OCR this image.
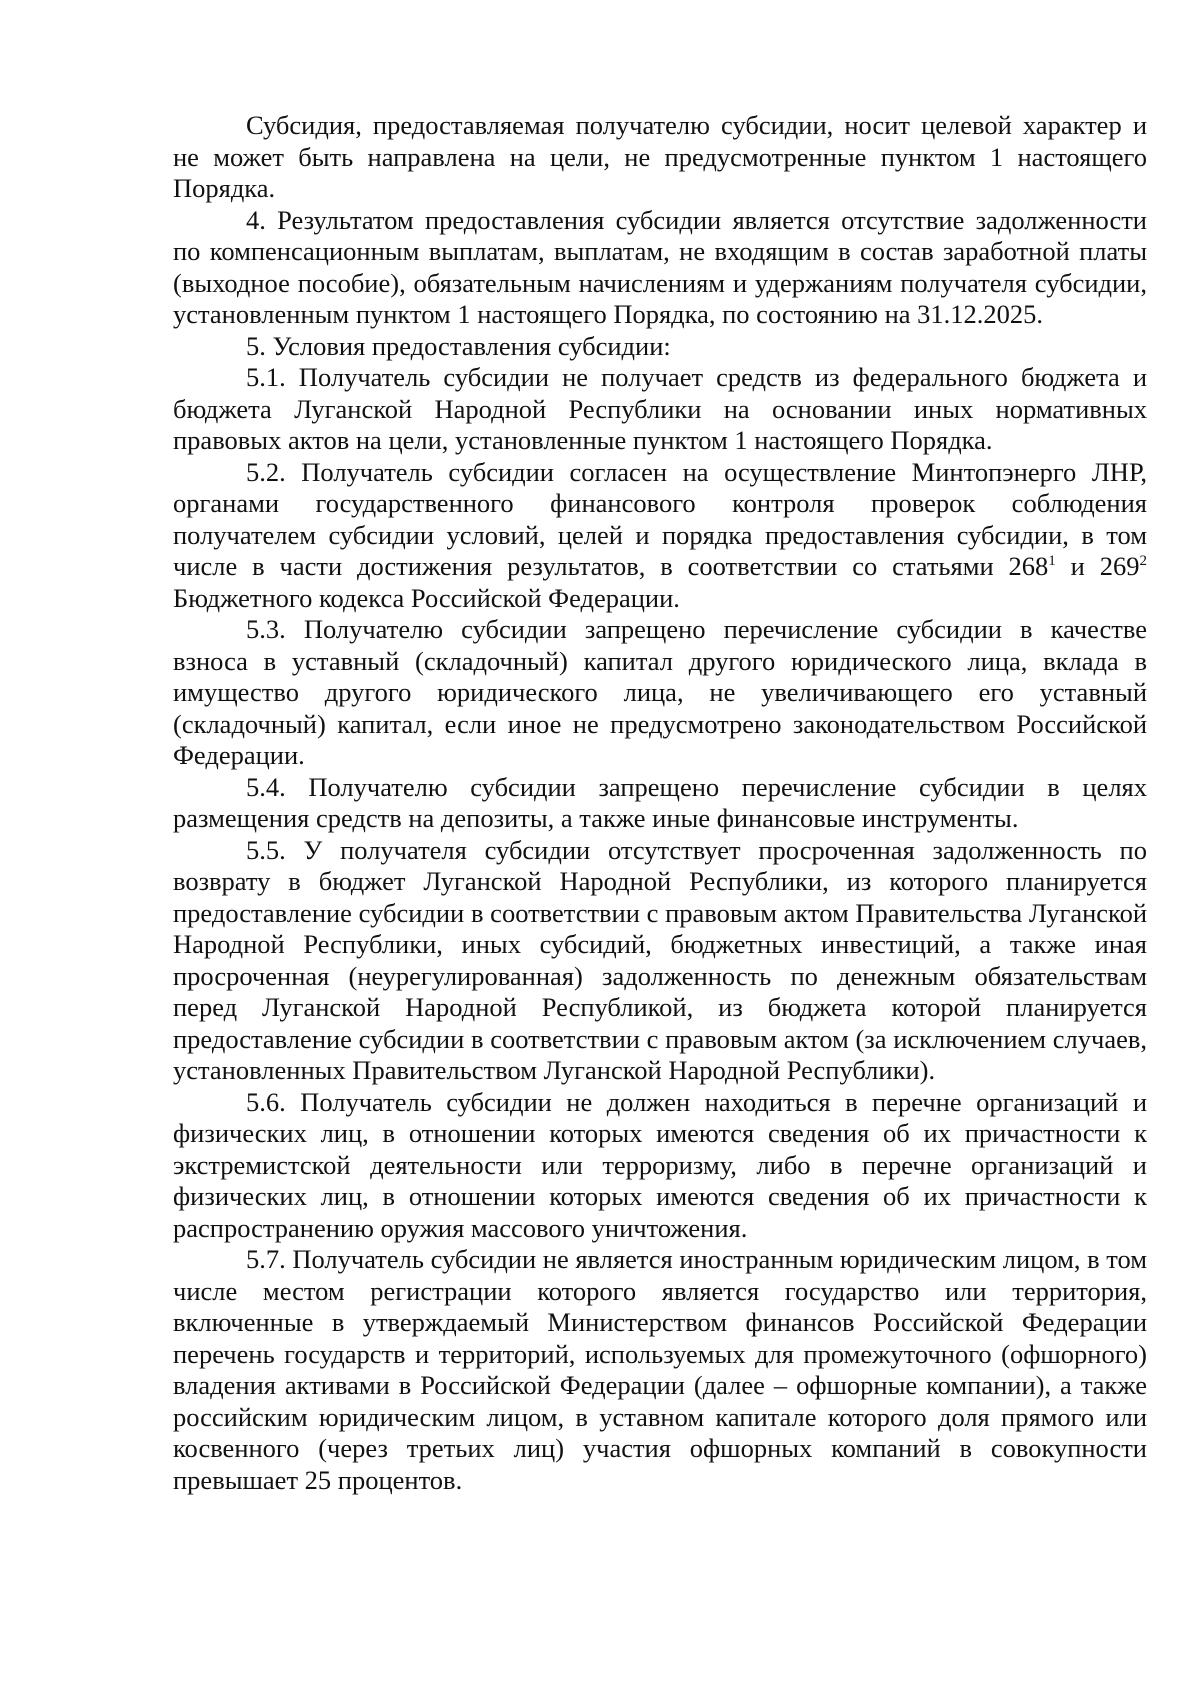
Субсидия, предоставляемая получателю субсидии, носит целевой характер и не может быть направлена на цели, не предусмотренные пунктом 1 настоящего Порядка.

4. Результатом предоставления субсидии является отсутствие задолженности по компенсационным выплатам, выплатам, не входящим в состав заработной платы (выходное пособие), обязательным начислениям и удержаниям получателя субсидии, установленным пунктом 1 настоящего Порядка, по состоянию на 31.12.2025.

5. Условия предоставления субсидии:

5.1. Получатель субсидии не получает средств из федерального бюджета и бюджета Луганской Народной Республики на основании иных нормативных правовых актов на цели, установленные пунктом 1 настоящего Порядка.

5.2. Получатель субсидии согласен на осуществление Минтопэнерго ЛНР, органами государственного финансового контроля проверок соблюдения получателем субсидии условий, целей и порядка предоставления субсидии, в том числе в части достижения результатов, в соответствии со статьями $268^1$ и $269^2$ Бюджетного кодекса Российской Федерации.

5.3. Получателю субсидии запрещено перечисление субсидии в качестве взноса в уставный (складочный) капитал другого юридического лица, вклада в имущество другого юридического лица, не увеличивающего его уставный (складочный) капитал, если иное не предусмотрено законодательством Российской Федерации.

5.4. Получателю субсидии запрещено перечисление субсидии в целях размещения средств на депозиты, а также иные финансовые инструменты.

5.5. У получателя субсидии отсутствует просроченная задолженность по возврату в бюджет Луганской Народной Республики, из которого планируется предоставление субсидии в соответствии с правовым актом Правительства Луганской Народной Республики, иных субсидий, бюджетных инвестиций, а также иная просроченная (неурегулированная) задолженность по денежным обязательствам перед Луганской Народной Республикой, из бюджета которой планируется предоставление субсидии в соответствии с правовым актом (за исключением случаев, установленных Правительством Луганской Народной Республики).

5.6. Получатель субсидии не должен находиться в перечне организаций и физических лиц, в отношении которых имеются сведения об их причастности к экстремистской деятельности или терроризму, либо в перечне организаций и физических лиц, в отношении которых имеются сведения об их причастности к распространению оружия массового уничтожения.

5.7. Получатель субсидии не является иностранным юридическим лицом, в том числе местом регистрации которого является государство или территория, включенные в утверждаемый Министерством финансов Российской Федерации перечень государств и территорий, используемых для промежуточного (офшорного) владения активами в Российской Федерации (далее – офшорные компании), а также российским юридическим лицом, в уставном капитале которого доля прямого или косвенного (через третьих лиц) участия офшорных компаний в совокупности превышает 25 процентов.
